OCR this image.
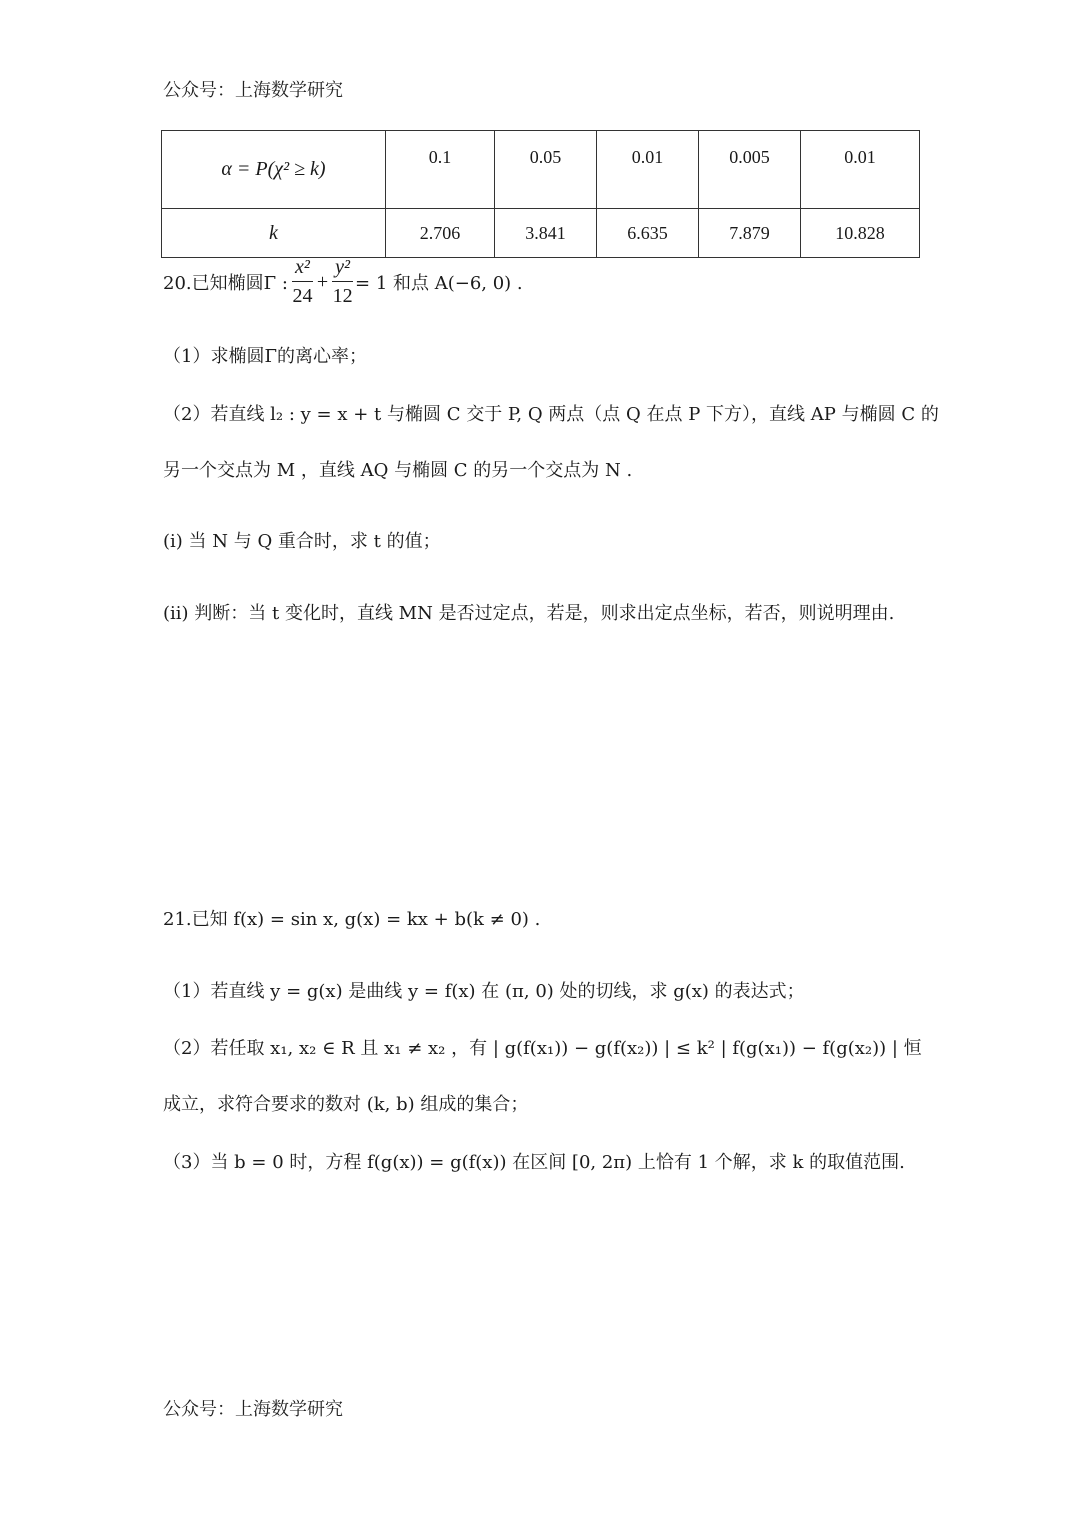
公众号：上海数学研究
α = P(χ² ≥ k)	0.1	0.05	0.01	0.005	0.01
k	2.706	3.841	6.635	7.879	10.828
20.已知椭圆Γ : $\frac{\text{x²}}{24} + \frac{\text{y²}}{12} = 1$ 和点 A(−6, 0) .
（1）求椭圆Γ的离心率；
（2）若直线 l₂ : y = x + t 与椭圆 C 交于 P, Q 两点（点 Q 在点 P 下方），直线 AP 与椭圆 C 的
另一个交点为 M ，直线 AQ 与椭圆 C 的另一个交点为 N .
(i) 当 N 与 Q 重合时，求 t 的值；
(ii) 判断：当 t 变化时，直线 MN 是否过定点，若是，则求出定点坐标，若否，则说明理由.
21.已知 f(x) = sin x, g(x) = kx + b(k ≠ 0) .
（1）若直线 y = g(x) 是曲线 y = f(x) 在 (π, 0) 处的切线，求 g(x) 的表达式；
（2）若任取 x₁, x₂ ∈ R 且 x₁ ≠ x₂ ，有 | g(f(x₁)) − g(f(x₂)) | ≤ k² | f(g(x₁)) − f(g(x₂)) | 恒
成立，求符合要求的数对 (k, b) 组成的集合；
（3）当 b = 0 时，方程 f(g(x)) = g(f(x)) 在区间 [0, 2π) 上恰有 1 个解，求 k 的取值范围.
公众号：上海数学研究
